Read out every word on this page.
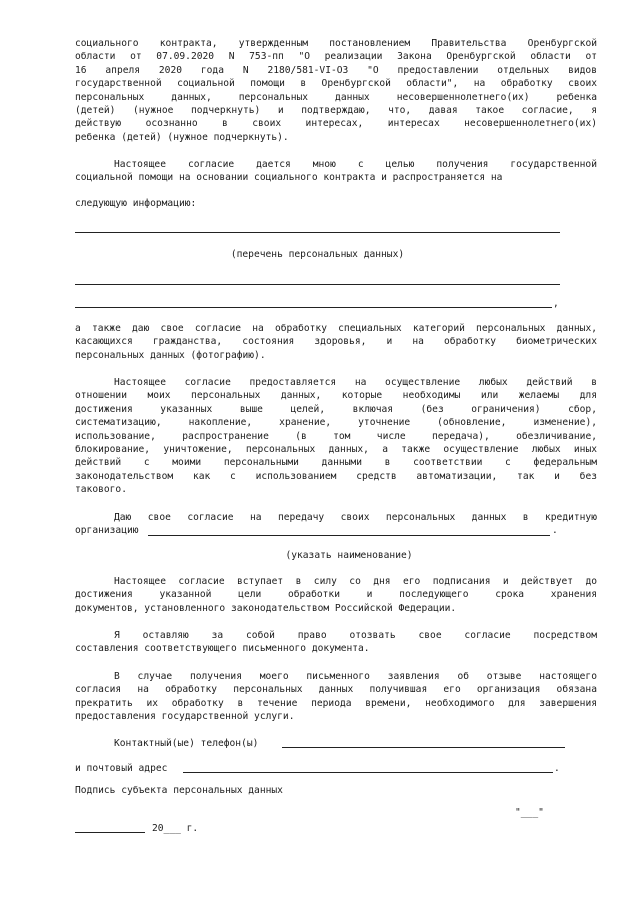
социального контракта, утвержденным постановлением Правительства Оренбургской
области от 07.09.2020 N 753-пп "О реализации Закона Оренбургской области от
16 апреля 2020 года N 2180/581-VI-ОЗ "О предоставлении отдельных видов
государственной социальной помощи в Оренбургской области", на обработку своих
персональных данных, персональных данных несовершеннолетнего(их) ребенка
(детей) (нужное подчеркнуть) и подтверждаю, что, давая такое согласие, я
действую осознанно в своих интересах, интересах несовершеннолетнего(их)
ребенка (детей) (нужное подчеркнуть).
Настоящее согласие дается мною с целью получения государственной
социальной помощи на основании социального контракта и распространяется на
следующую информацию:
(перечень персональных данных)
,
а также даю свое согласие на обработку специальных категорий персональных данных,
касающихся гражданства, состояния здоровья, и на обработку биометрических
персональных данных (фотографию).
Настоящее согласие предоставляется на осуществление любых действий в
отношении моих персональных данных, которые необходимы или желаемы для
достижения указанных выше целей, включая (без ограничения) сбор,
систематизацию, накопление, хранение, уточнение (обновление, изменение),
использование, распространение (в том числе передача), обезличивание,
блокирование, уничтожение, персональных данных, а также осуществление любых иных
действий с моими персональными данными в соответствии с федеральным
законодательством как с использованием средств автоматизации, так и без
такового.
Даю свое согласие на передачу своих персональных данных в кредитную
организацию	.
(указать наименование)
Настоящее согласие вступает в силу со дня его подписания и действует до
достижения указанной цели обработки и последующего срока хранения
документов, установленного законодательством Российской Федерации.
Я оставляю за собой право отозвать свое согласие посредством
составления соответствующего письменного документа.
В случае получения моего письменного заявления об отзыве настоящего
согласия на обработку персональных данных получившая его организация обязана
прекратить их обработку в течение периода времени, необходимого для завершения
предоставления государственной услуги.
Контактный(ые) телефон(ы)
и почтовый адрес	.
Подпись субъекта персональных данных
"___"
20___ г.
